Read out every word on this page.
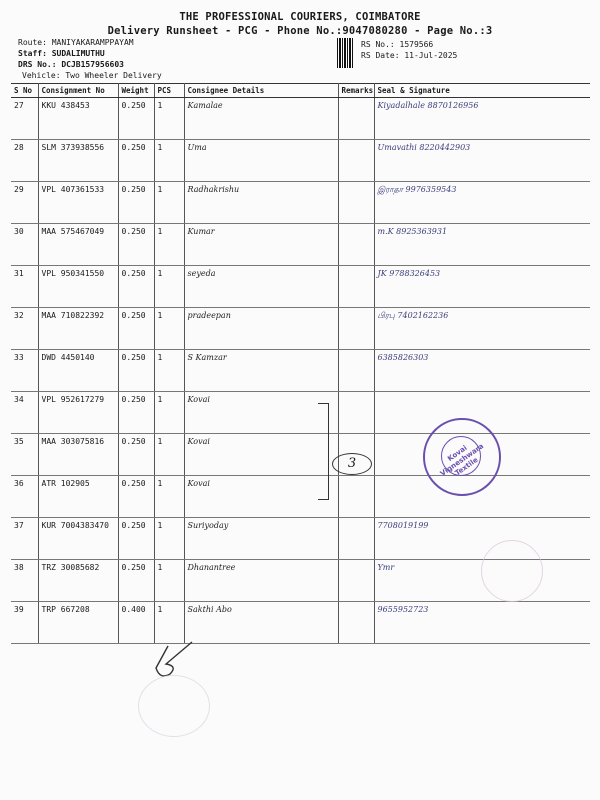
THE PROFESSIONAL COURIERS, COIMBATORE
Delivery Runsheet - PCG - Phone No.:9047080280 - Page No.:3
Route: MANIYAKARAMPPAYAM
Staff: SUDALIMUTHU
DRS No.: DCJB157956603
Vehicle: Two Wheeler Delivery
RS No.: 1579566
RS Date: 11-Jul-2025
S No	Consignment No	Weight	PCS	Consignee Details	Remarks	Seal & Signature
27	KKU 438453	0.250	1	Kamalae		Kiyadalhale 8870126956
28	SLM 373938556	0.250	1	Uma		Umavathi 8220442903
29	VPL 407361533	0.250	1	Radhakrishu		இராதா 9976359543
30	MAA 575467049	0.250	1	Kumar		m.K 8925363931
31	VPL 950341550	0.250	1	seyeda		JK 9788326453
32	MAA 710822392	0.250	1	pradeepan		பிரபு 7402162236
33	DWD 4450140	0.250	1	S Kamzar		6385826303
34	VPL 952617279	0.250	1	Kovai		
35	MAA 303075816	0.250	1	Kovai		
36	ATR 102905	0.250	1	Kovai		
37	KUR 7004383470	0.250	1	Suriyoday		7708019199
38	TRZ 30085682	0.250	1	Dhanantree		Ymr
39	TRP 667208	0.400	1	Sakthi Abo		9655952723
3
Kovai Vigneshwara Textile
